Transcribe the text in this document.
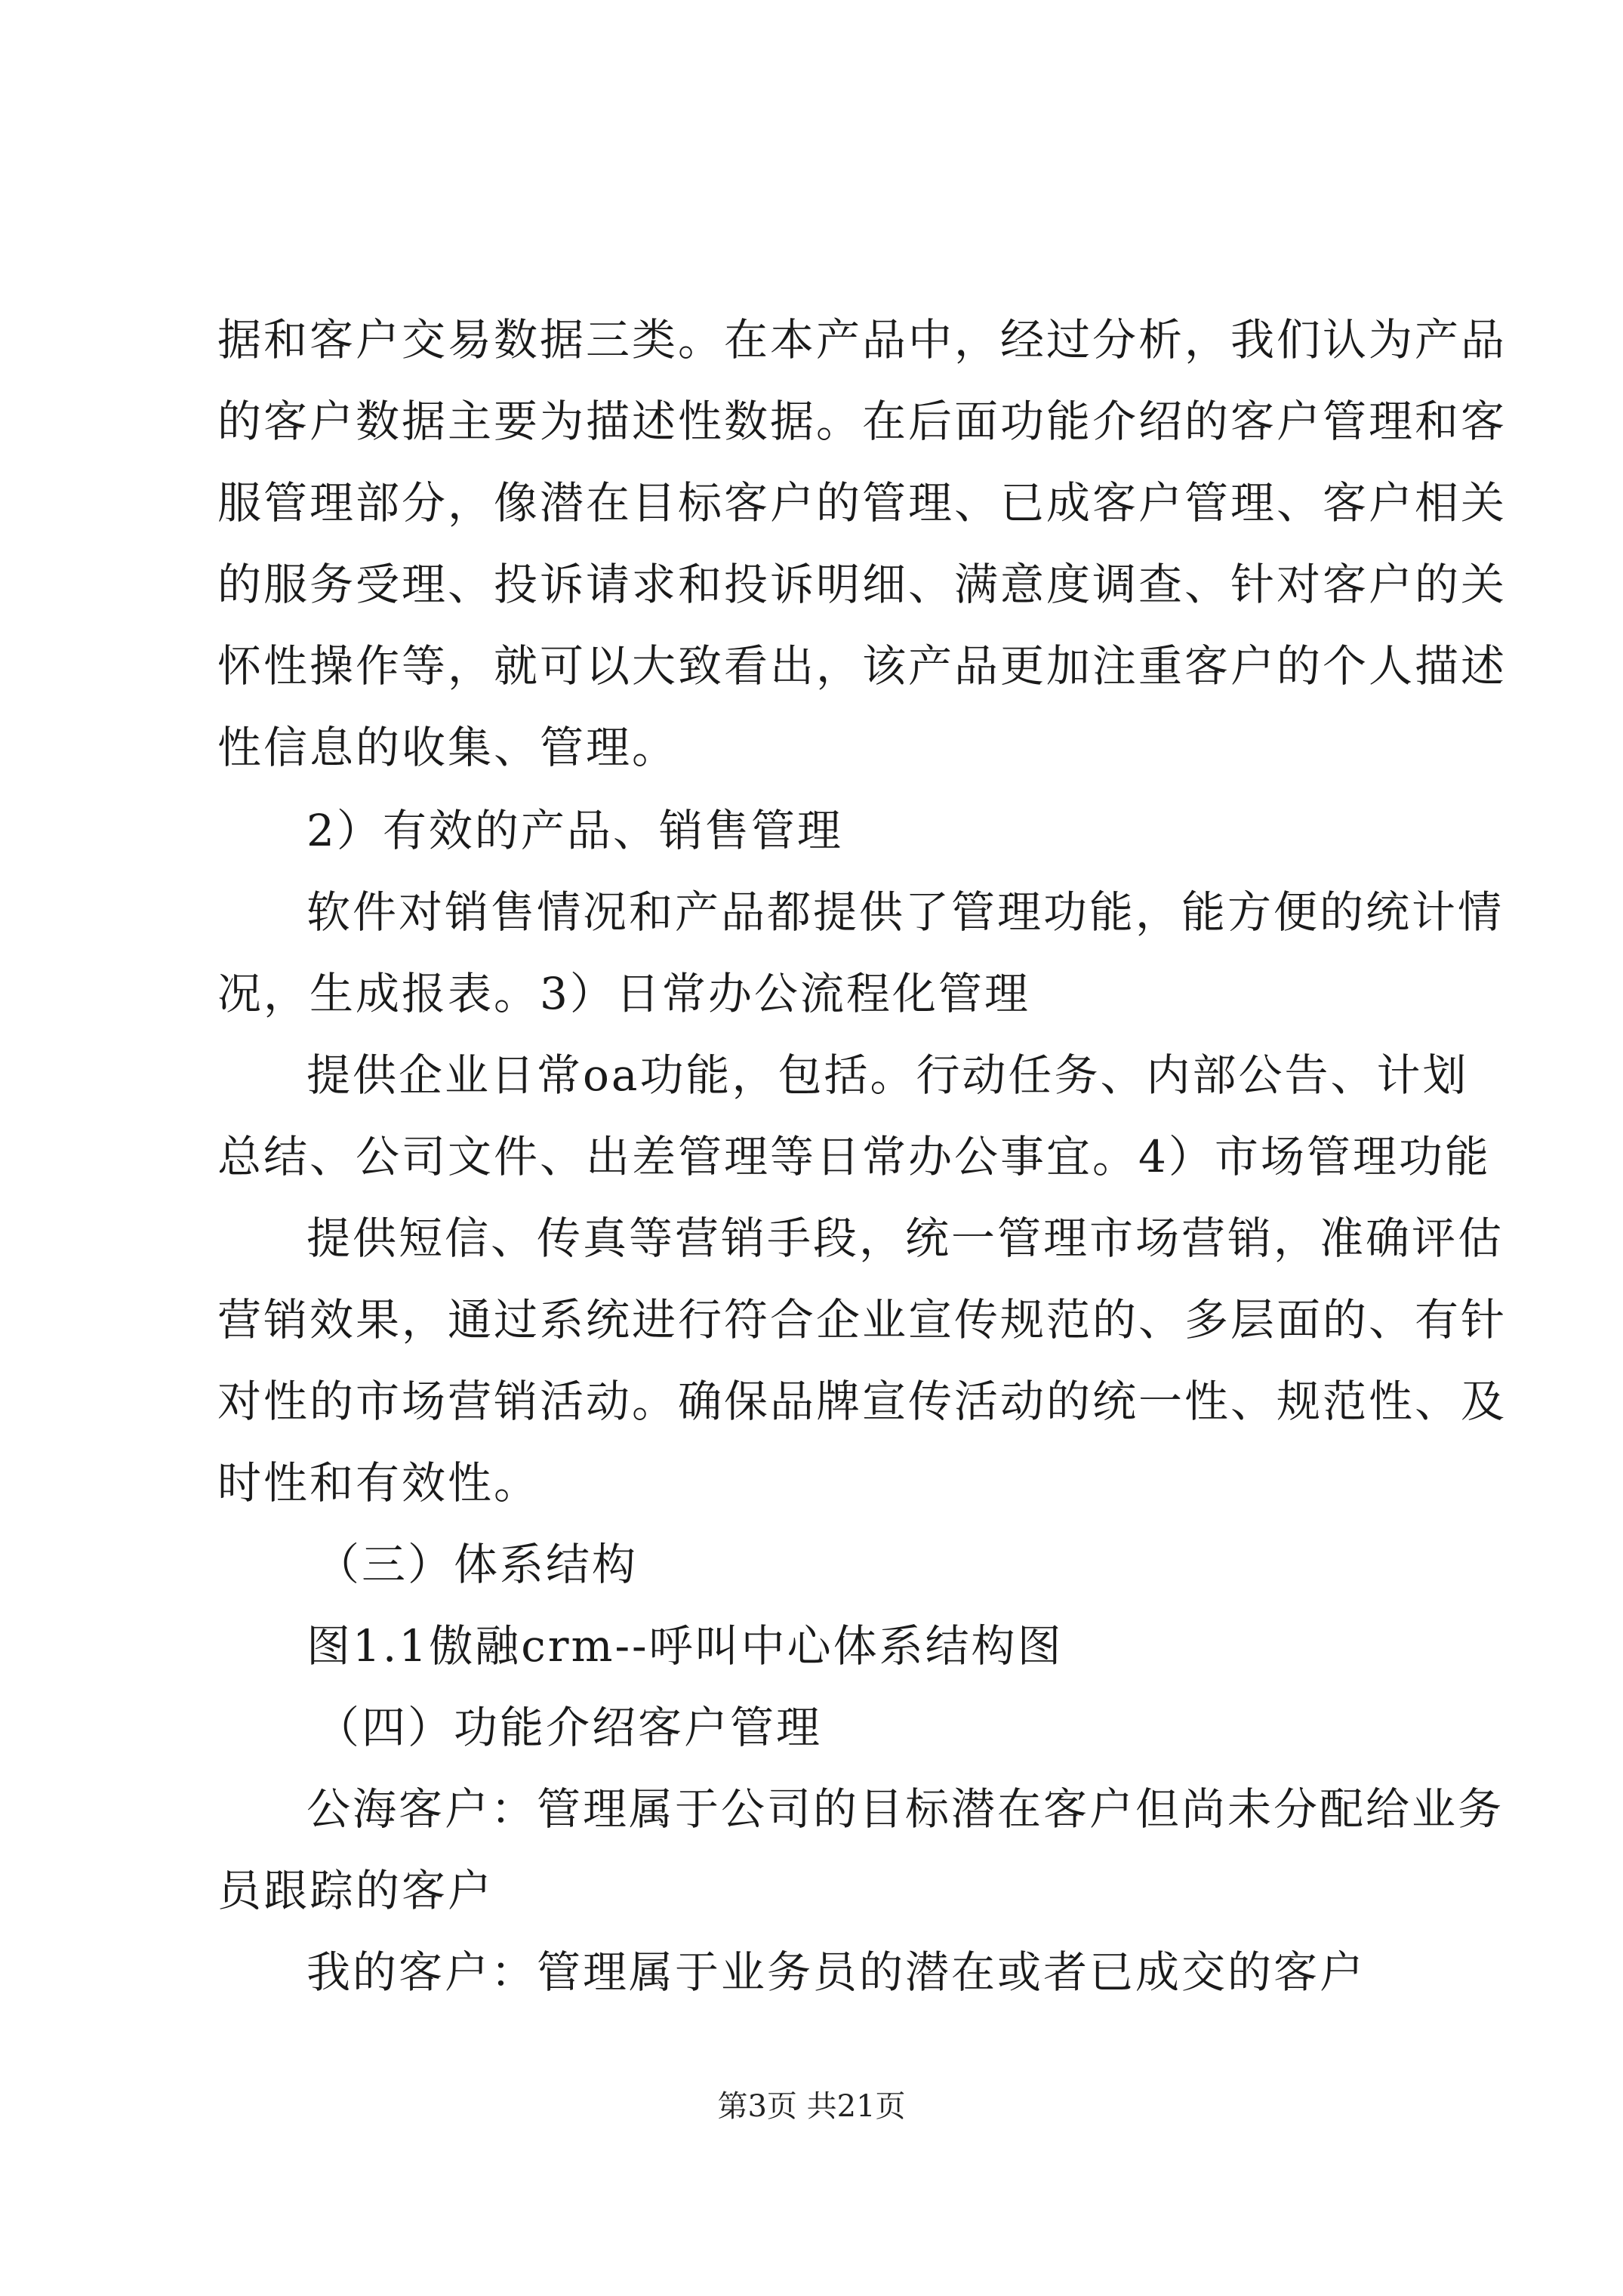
据和客户交易数据三类。在本产品中，经过分析，我们认为产品
的客户数据主要为描述性数据。在后面功能介绍的客户管理和客
服管理部分，像潜在目标客户的管理、已成客户管理、客户相关
的服务受理、投诉请求和投诉明细、满意度调查、针对客户的关
怀性操作等，就可以大致看出，该产品更加注重客户的个人描述
性信息的收集、管理。
2）有效的产品、销售管理
软件对销售情况和产品都提供了管理功能，能方便的统计情
况，生成报表。3）日常办公流程化管理
提供企业日常oa功能，包括。行动任务、内部公告、计划
总结、公司文件、出差管理等日常办公事宜。4）市场管理功能
提供短信、传真等营销手段，统一管理市场营销，准确评估
营销效果，通过系统进行符合企业宣传规范的、多层面的、有针
对性的市场营销活动。确保品牌宣传活动的统一性、规范性、及
时性和有效性。
（三）体系结构
图1.1傲融crm--呼叫中心体系结构图
（四）功能介绍客户管理
公海客户：管理属于公司的目标潜在客户但尚未分配给业务
员跟踪的客户
我的客户：管理属于业务员的潜在或者已成交的客户
第3页 共21页
